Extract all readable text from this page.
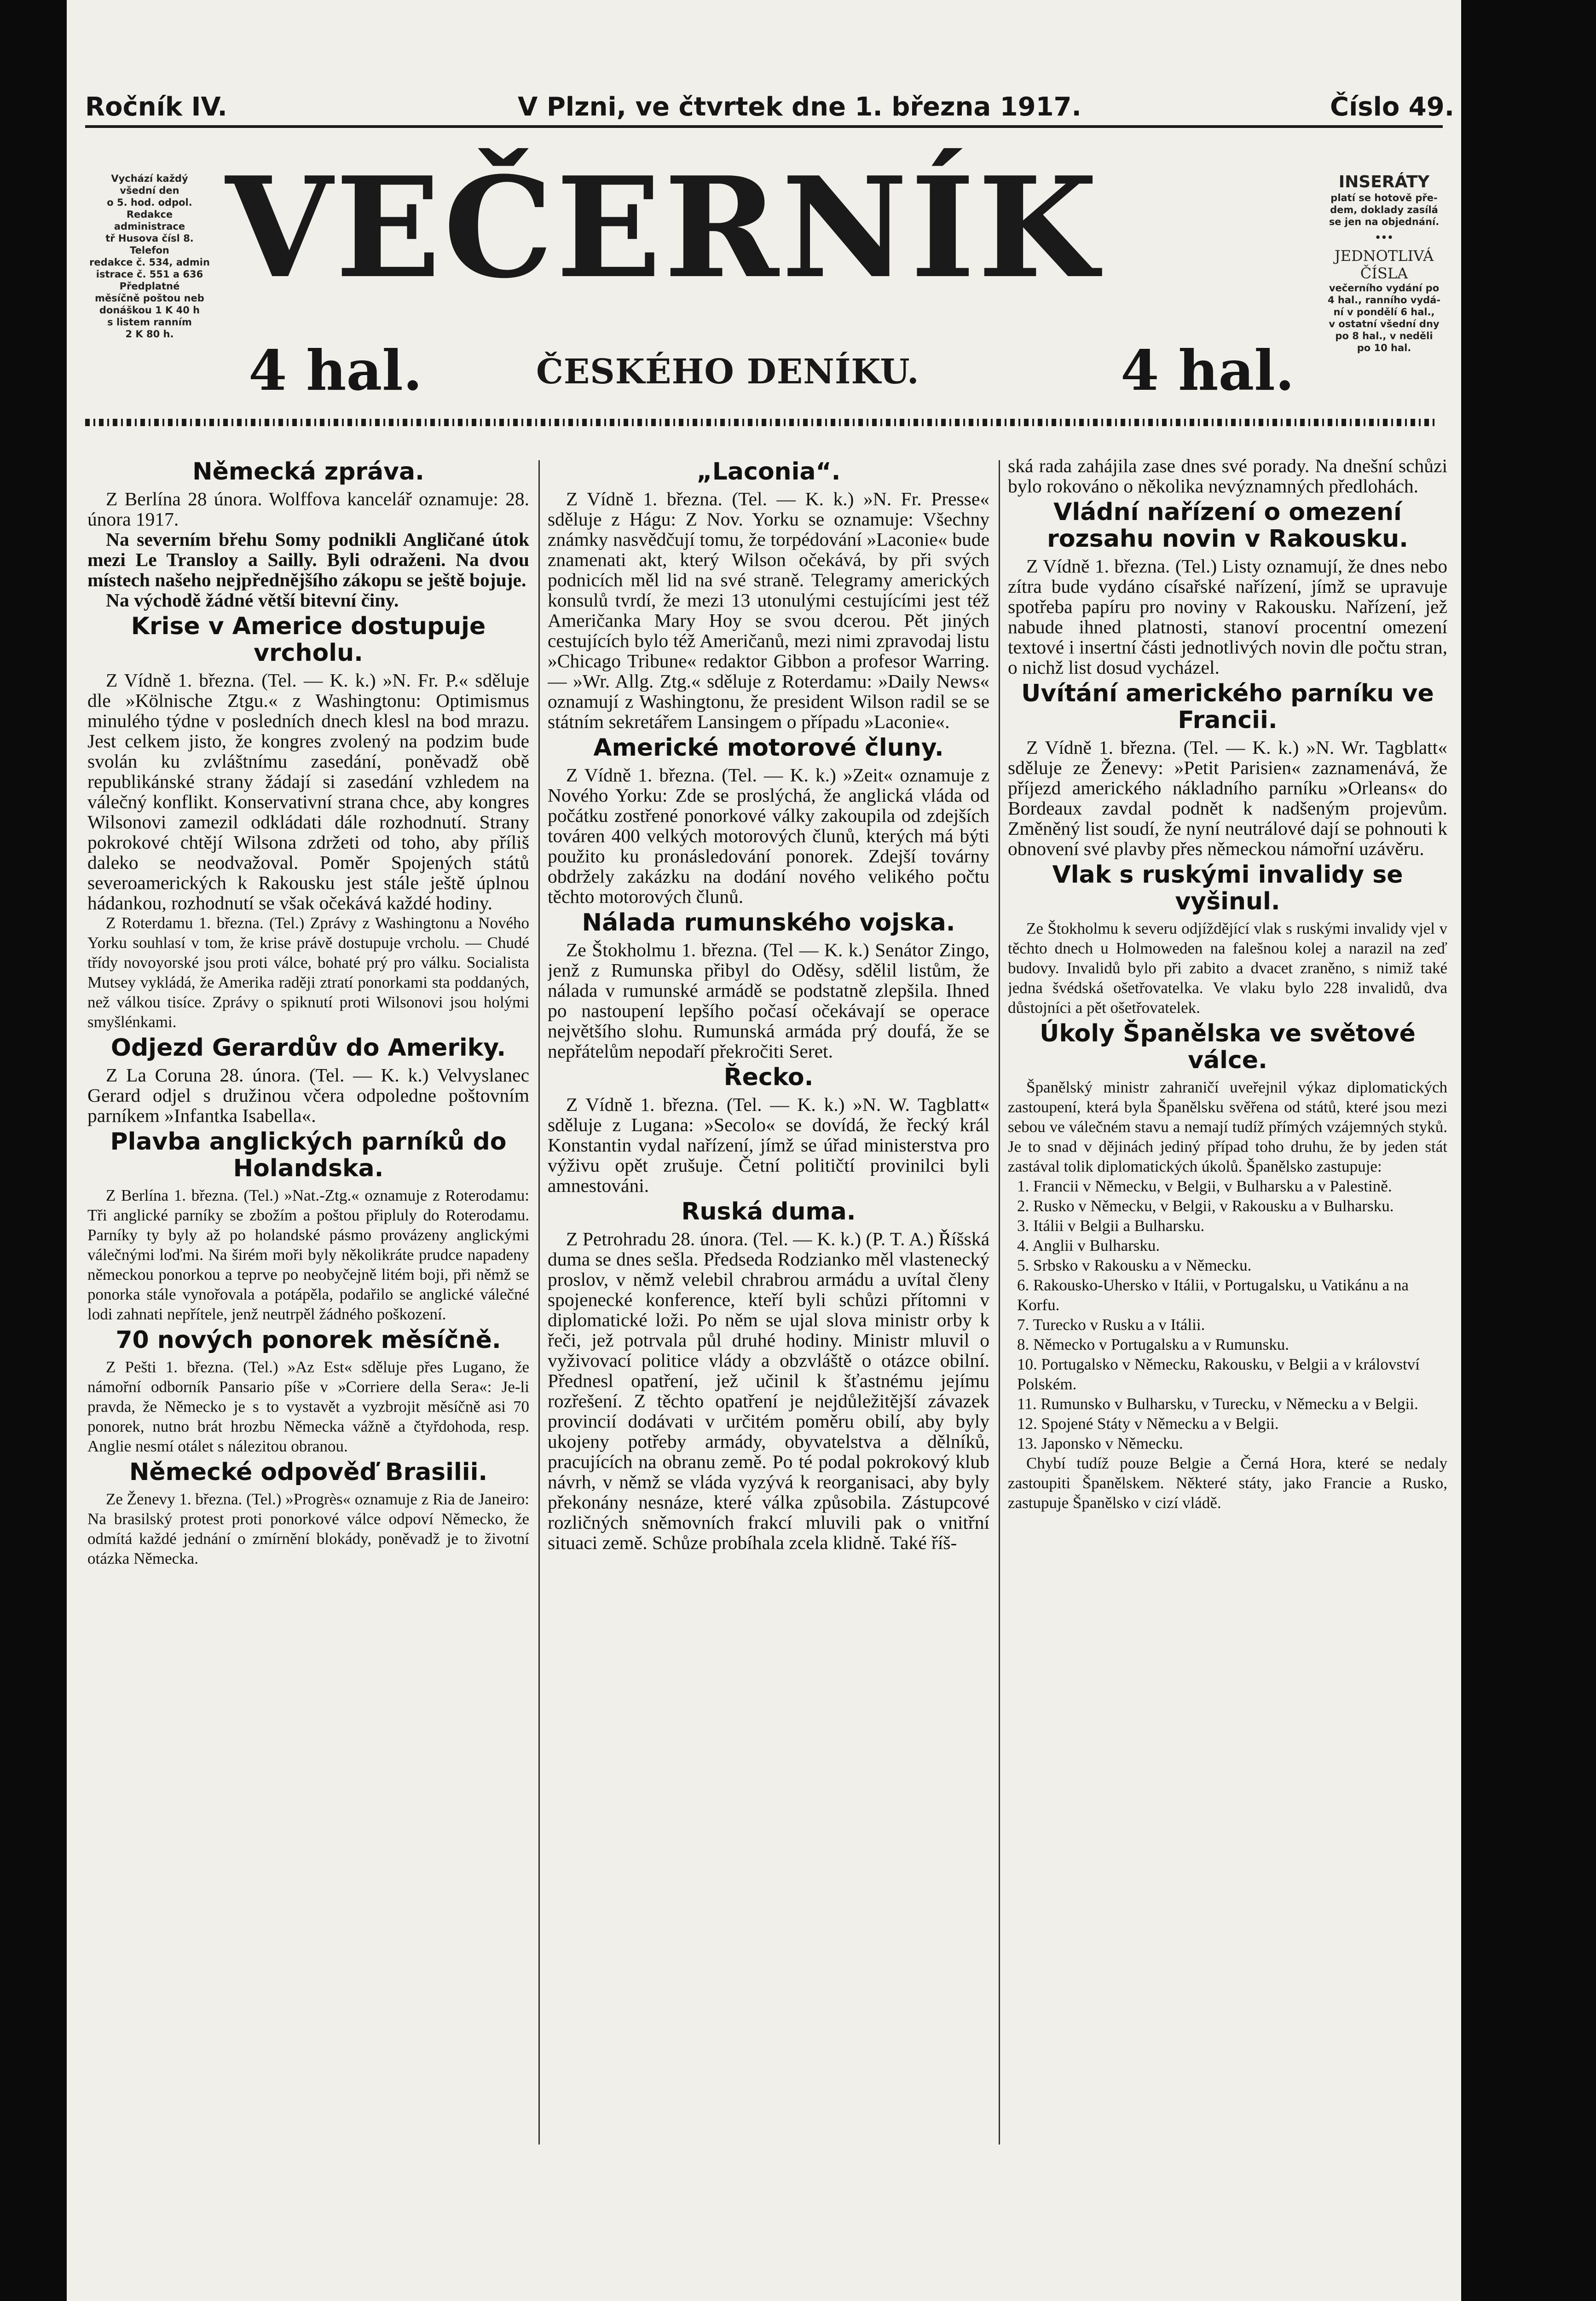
Ročník IV.	V Plzni, ve čtvrtek dne 1. března 1917.	Číslo 49.

Vychází každý

všední den

o 5. hod. odpol.

Redakce

administrace

tř Husova čísl 8.

Telefon

redakce č. 534, admin

istrace č. 551 a 636

Předplatné

měsíčně poštou neb

donáškou 1 K 40 h

s listem ranním

2 K 80 h.

VEČERNÍK
4 hal.	ČESKÉHO DENÍKU.	4 hal.

INSERÁTY

platí se hotově pře-

dem, doklady zasílá

se jen na objednání.

•••

JEDNOTLIVÁ ČÍSLA

večerního vydání po

4 hal., ranního vydá-

ní v pondělí 6 hal.,

v ostatní všední dny

po 8 hal., v neděli

po 10 hal.

Německá zpráva.

Z Berlína 28 února. Wolffova kancelář oznamuje: 28. února 1917.

Na severním břehu Somy podnikli Angličané útok mezi Le Transloy a Sailly. Byli odraženi. Na dvou místech našeho nejpřednějšího zákopu se ještě bojuje.

Na východě žádné větší bitevní činy.

Krise v Americe dostupuje vrcholu.

Z Vídně 1. března. (Tel. — K. k.) »N. Fr. P.« sděluje dle »Kölnische Ztgu.« z Washingtonu: Optimismus minulého týdne v posledních dnech klesl na bod mrazu. Jest celkem jisto, že kongres zvolený na podzim bude svolán ku zvláštnímu zasedání, poněvadž obě republikánské strany žádají si zasedání vzhledem na válečný konflikt. Konservativní strana chce, aby kongres Wilsonovi zamezil odkládati dále rozhodnutí. Strany pokrokové chtějí Wilsona zdržeti od toho, aby příliš daleko se neodvažoval. Poměr Spojených států severoamerických k Rakousku jest stále ještě úplnou hádankou, rozhodnutí se však očekává každé hodiny.

Z Roterdamu 1. března. (Tel.) Zprávy z Washingtonu a Nového Yorku souhlasí v tom, že krise právě dostupuje vrcholu. — Chudé třídy novoyorské jsou proti válce, bohaté prý pro válku. Socialista Mutsey vykládá, že Amerika raději ztratí ponorkami sta poddaných, než válkou tisíce. Zprávy o spiknutí proti Wilsonovi jsou holými smyšlénkami.

Odjezd Gerardův do Ameriky.

Z La Coruna 28. února. (Tel. — K. k.) Velvyslanec Gerard odjel s družinou včera odpoledne poštovním parníkem »Infantka Isabella«.

Plavba anglických parníků do Holandska.

Z Berlína 1. března. (Tel.) »Nat.-Ztg.« oznamuje z Roterodamu: Tři anglické parníky se zbožím a poštou připluly do Roterodamu. Parníky ty byly až po holandské pásmo provázeny anglickými válečnými loďmi. Na širém moři byly několikráte prudce napadeny německou ponorkou a teprve po neobyčejně litém boji, při němž se ponorka stále vynořovala a potápěla, podařilo se anglické válečné lodi zahnati nepřítele, jenž neutrpěl žádného poškození.

70 nových ponorek měsíčně.

Z Pešti 1. března. (Tel.) »Az Est« sděluje přes Lugano, že námořní odborník Pansario píše v »Corriere della Sera«: Je-li pravda, že Německo je s to vystavět a vyzbrojit měsíčně asi 70 ponorek, nutno brát hrozbu Německa vážně a čtyřdohoda, resp. Anglie nesmí otálet s nálezitou obranou.

Německé odpověď Brasilii.

Ze Ženevy 1. března. (Tel.) »Progrès« oznamuje z Ria de Janeiro: Na brasilský protest proti ponorkové válce odpoví Německo, že odmítá každé jednání o zmírnění blokády, poněvadž je to životní otázka Německa.

„Laconia“.

Z Vídně 1. března. (Tel. — K. k.) »N. Fr. Presse« sděluje z Hágu: Z Nov. Yorku se oznamuje: Všechny známky nasvědčují tomu, že torpédování »Laconie« bude znamenati akt, který Wilson očekává, by při svých podnicích měl lid na své straně. Telegramy amerických konsulů tvrdí, že mezi 13 utonulými cestujícími jest též Američanka Mary Hoy se svou dcerou. Pět jiných cestujících bylo též Američanů, mezi nimi zpravodaj listu »Chicago Tribune« redaktor Gibbon a profesor Warring. — »Wr. Allg. Ztg.« sděluje z Roterdamu: »Daily News« oznamují z Washingtonu, že president Wilson radil se se státním sekretářem Lansingem o případu »Laconie«.

Americké motorové čluny.

Z Vídně 1. března. (Tel. — K. k.) »Zeit« oznamuje z Nového Yorku: Zde se proslýchá, že anglická vláda od počátku zostřené ponorkové války zakoupila od zdejších továren 400 velkých motorových člunů, kterých má býti použito ku pronásledování ponorek. Zdejší továrny obdržely zakázku na dodání nového velikého počtu těchto motorových člunů.

Nálada rumunského vojska.

Ze Štokholmu 1. března. (Tel — K. k.) Senátor Zingo, jenž z Rumunska přibyl do Oděsy, sdělil listům, že nálada v rumunské armádě se podstatně zlepšila. Ihned po nastoupení lepšího počasí očekávají se operace největšího slohu. Rumunská armáda prý doufá, že se nepřátelům nepodaří překročiti Seret.

Řecko.

Z Vídně 1. března. (Tel. — K. k.) »N. W. Tagblatt« sděluje z Lugana: »Secolo« se dovídá, že řecký král Konstantin vydal nařízení, jímž se úřad ministerstva pro výživu opět zrušuje. Četní političtí provinilci byli amnestováni.

Ruská duma.

Z Petrohradu 28. února. (Tel. — K. k.) (P. T. A.) Říšská duma se dnes sešla. Předseda Rodzianko měl vlastenecký proslov, v němž velebil chrabrou armádu a uvítal členy spojenecké konference, kteří byli schůzi přítomni v diplomatické loži. Po něm se ujal slova ministr orby k řeči, jež potrvala půl druhé hodiny. Ministr mluvil o vyživovací politice vlády a obzvláště o otázce obilní. Přednesl opatření, jež učinil k šťastnému jejímu rozřešení. Z těchto opatření je nejdůležitější závazek provincií dodávati v určitém poměru obilí, aby byly ukojeny potřeby armády, obyvatelstva a dělníků, pracujících na obranu země. Po té podal pokrokový klub návrh, v němž se vláda vyzývá k reorganisaci, aby byly překonány nesnáze, které válka způsobila. Zástupcové rozličných sněmovních frakcí mluvili pak o vnitřní situaci země. Schůze probíhala zcela klidně. Také říš-

ská rada zahájila zase dnes své porady. Na dnešní schůzi bylo rokováno o několika nevýznamných předlohách.

Vládní nařízení o omezení rozsahu novin v Rakousku.

Z Vídně 1. března. (Tel.) Listy oznamují, že dnes nebo zítra bude vydáno císařské nařízení, jímž se upravuje spotřeba papíru pro noviny v Rakousku. Nařízení, jež nabude ihned platnosti, stanoví procentní omezení textové i insertní části jednotlivých novin dle počtu stran, o nichž list dosud vycházel.

Uvítání amerického parníku ve Francii.

Z Vídně 1. března. (Tel. — K. k.) »N. Wr. Tagblatt« sděluje ze Ženevy: »Petit Parisien« zaznamenává, že příjezd amerického nákladního parníku »Orleans« do Bordeaux zavdal podnět k nadšeným projevům. Změněný list soudí, že nyní neutrálové dají se pohnouti k obnovení své plavby přes německou námořní uzávěru.

Vlak s ruskými invalidy se vyšinul.

Ze Štokholmu k severu odjíždějící vlak s ruskými invalidy vjel v těchto dnech u Holmoweden na falešnou kolej a narazil na zeď budovy. Invalidů bylo při zabito a dvacet zraněno, s nimiž také jedna švédská ošetřovatelka. Ve vlaku bylo 228 invalidů, dva důstojníci a pět ošetřovatelek.

Úkoly Španělska ve světové válce.

Španělský ministr zahraničí uveřejnil výkaz diplomatických zastoupení, která byla Španělsku svěřena od států, které jsou mezi sebou ve válečném stavu a nemají tudíž přímých vzájemných styků. Je to snad v dějinách jediný případ toho druhu, že by jeden stát zastával tolik diplomatických úkolů. Španělsko zastupuje:

1. Francii v Německu, v Belgii, v Bulharsku a v Palestině.

2. Rusko v Německu, v Belgii, v Rakousku a v Bulharsku.

3. Itálii v Belgii a Bulharsku.

4. Anglii v Bulharsku.

5. Srbsko v Rakousku a v Německu.

6. Rakousko-Uhersko v Itálii, v Portugalsku, u Vatikánu a na Korfu.

7. Turecko v Rusku a v Itálii.

8. Německo v Portugalsku a v Rumunsku.

10. Portugalsko v Německu, Rakousku, v Belgii a v království Polském.

11. Rumunsko v Bulharsku, v Turecku, v Německu a v Belgii.

12. Spojené Státy v Německu a v Belgii.

13. Japonsko v Německu.

Chybí tudíž pouze Belgie a Černá Hora, které se nedaly zastoupiti Španělskem. Některé státy, jako Francie a Rusko, zastupuje Španělsko v cizí vládě.
